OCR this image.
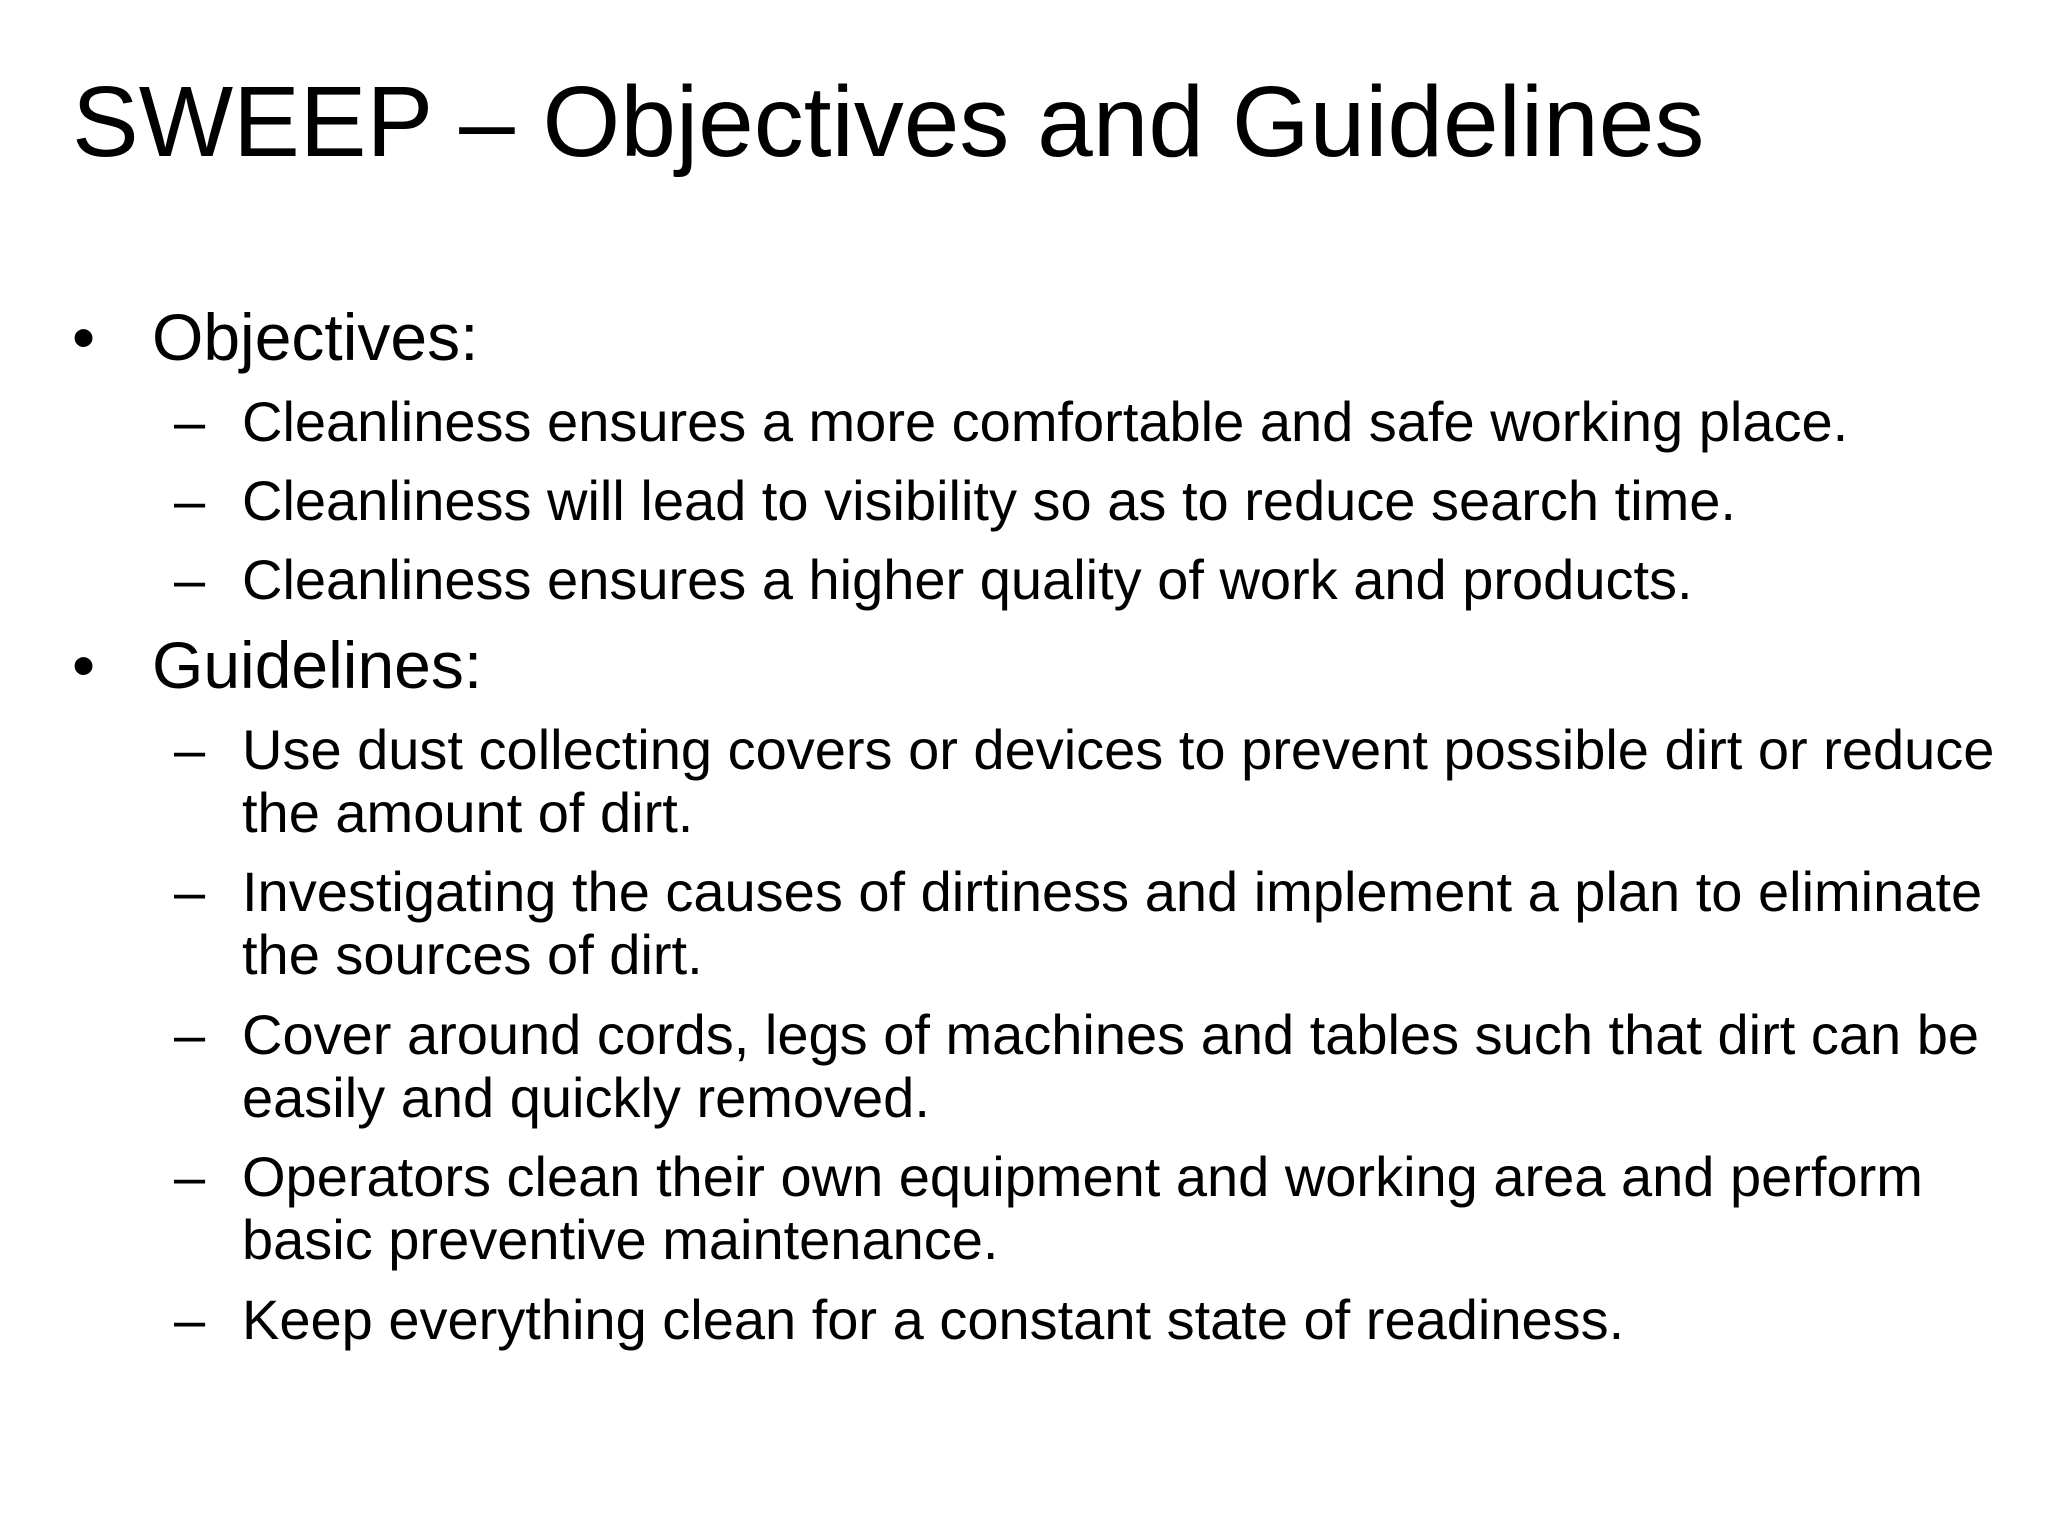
SWEEP – Objectives and Guidelines
• Objectives:
– Cleanliness ensures a more comfortable and safe working place.
– Cleanliness will lead to visibility so as to reduce search time.
– Cleanliness ensures a higher quality of work and products.
• Guidelines:
– Use dust collecting covers or devices to prevent possible dirt or reduce the amount of dirt.
– Investigating the causes of dirtiness and implement a plan to eliminate the sources of dirt.
– Cover around cords, legs of machines and tables such that dirt can be easily and quickly removed.
– Operators clean their own equipment and working area and perform basic preventive maintenance.
– Keep everything clean for a constant state of readiness.
